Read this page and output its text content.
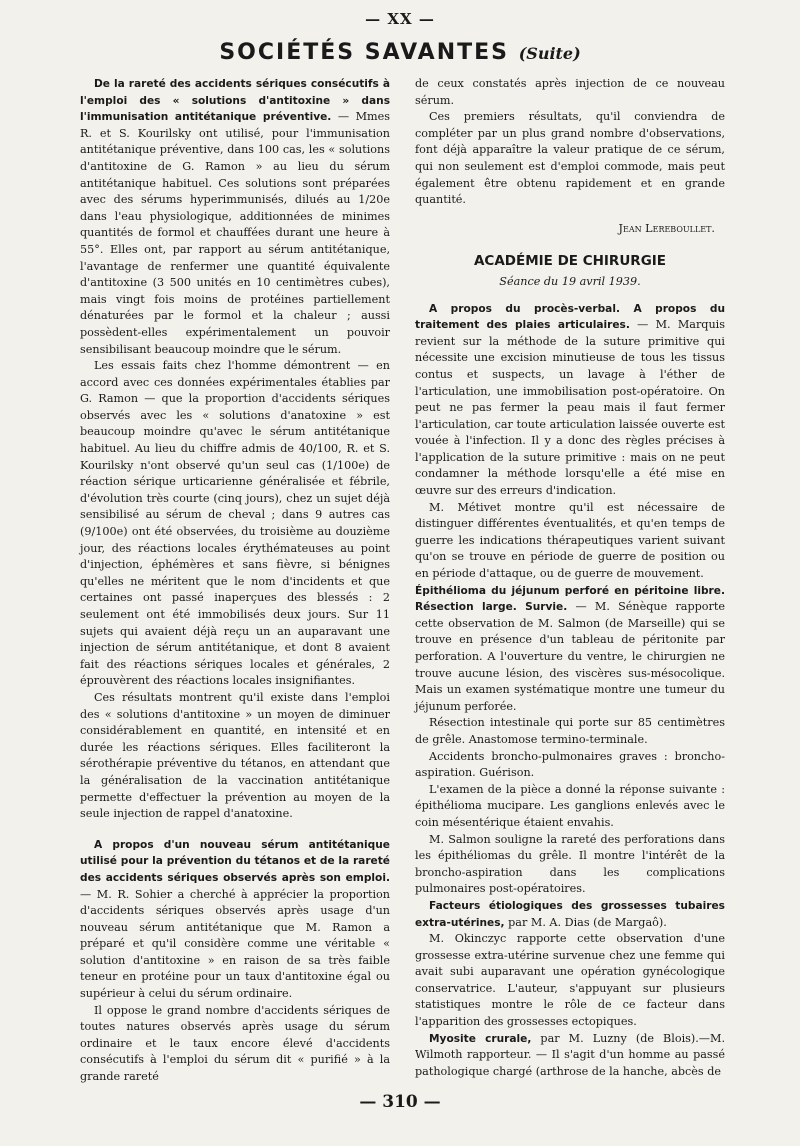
— XX —
SOCIÉTÉS SAVANTES (Suite)

De la rareté des accidents sériques consécutifs à l'emploi des « solutions d'antitoxine » dans l'immunisation antitétanique préventive. — Mmes R. et S. Kourilsky ont utilisé, pour l'immunisation antitétanique préventive, dans 100 cas, les « solutions d'antitoxine de G. Ramon » au lieu du sérum antitétanique habituel. Ces solutions sont préparées avec des sérums hyperimmunisés, dilués au 1/20e dans l'eau physiologique, additionnées de minimes quantités de formol et chauffées durant une heure à 55°. Elles ont, par rapport au sérum antitétanique, l'avantage de renfermer une quantité équivalente d'antitoxine (3 500 unités en 10 centimètres cubes), mais vingt fois moins de protéines partiellement dénaturées par le formol et la chaleur ; aussi possèdent-elles expérimentalement un pouvoir sensibilisant beaucoup moindre que le sérum.

Les essais faits chez l'homme démontrent — en accord avec ces données expérimentales établies par G. Ramon — que la proportion d'accidents sériques observés avec les « solutions d'anatoxine » est beaucoup moindre qu'avec le sérum antitétanique habituel. Au lieu du chiffre admis de 40/100, R. et S. Kourilsky n'ont observé qu'un seul cas (1/100e) de réaction sérique urticarienne généralisée et fébrile, d'évolution très courte (cinq jours), chez un sujet déjà sensibilisé au sérum de cheval ; dans 9 autres cas (9/100e) ont été observées, du troisième au douzième jour, des réactions locales érythémateuses au point d'injection, éphémères et sans fièvre, si bénignes qu'elles ne méritent que le nom d'incidents et que certaines ont passé inaperçues des blessés : 2 seulement ont été immobilisés deux jours. Sur 11 sujets qui avaient déjà reçu un an auparavant une injection de sérum antitétanique, et dont 8 avaient fait des réactions sériques locales et générales, 2 éprouvèrent des réactions locales insignifiantes.

Ces résultats montrent qu'il existe dans l'emploi des « solutions d'antitoxine » un moyen de diminuer considérablement en quantité, en intensité et en durée les réactions sériques. Elles faciliteront la sérothérapie préventive du tétanos, en attendant que la généralisation de la vaccination antitétanique permette d'effectuer la prévention au moyen de la seule injection de rappel d'anatoxine.

A propos d'un nouveau sérum antitétanique utilisé pour la prévention du tétanos et de la rareté des accidents sériques observés après son emploi. — M. R. Sohier a cherché à apprécier la proportion d'accidents sériques observés après usage d'un nouveau sérum antitétanique que M. Ramon a préparé et qu'il considère comme une véritable « solution d'antitoxine » en raison de sa très faible teneur en protéine pour un taux d'antitoxine égal ou supérieur à celui du sérum ordinaire.

Il oppose le grand nombre d'accidents sériques de toutes natures observés après usage du sérum ordinaire et le taux encore élevé d'accidents consécutifs à l'emploi du sérum dit « purifié » à la grande rareté

de ceux constatés après injection de ce nouveau sérum.

Ces premiers résultats, qu'il conviendra de compléter par un plus grand nombre d'observations, font déjà apparaître la valeur pratique de ce sérum, qui non seulement est d'emploi commode, mais peut également être obtenu rapidement et en grande quantité.

Jean Lereboullet.
ACADÉMIE DE CHIRURGIE
Séance du 19 avril 1939.

A propos du procès-verbal. A propos du traitement des plaies articulaires. — M. Marquis revient sur la méthode de la suture primitive qui nécessite une excision minutieuse de tous les tissus contus et suspects, un lavage à l'éther de l'articulation, une immobilisation post-opératoire. On peut ne pas fermer la peau mais il faut fermer l'articulation, car toute articulation laissée ouverte est vouée à l'infection. Il y a donc des règles précises à l'application de la suture primitive : mais on ne peut condamner la méthode lorsqu'elle a été mise en œuvre sur des erreurs d'indication.

M. Métivet montre qu'il est nécessaire de distinguer différentes éventualités, et qu'en temps de guerre les indications thérapeutiques varient suivant qu'on se trouve en période de guerre de position ou en période d'attaque, ou de guerre de mouvement.

Épithélioma du jéjunum perforé en péritoine libre. Résection large. Survie. — M. Sénèque rapporte cette observation de M. Salmon (de Marseille) qui se trouve en présence d'un tableau de péritonite par perforation. A l'ouverture du ventre, le chirurgien ne trouve aucune lésion, des viscères sus-mésocolique. Mais un examen systématique montre une tumeur du jéjunum perforée.

Résection intestinale qui porte sur 85 centimètres de grêle. Anastomose termino-terminale.

Accidents broncho-pulmonaires graves : broncho-aspiration. Guérison.

L'examen de la pièce a donné la réponse suivante : épithélioma mucipare. Les ganglions enlevés avec le coin mésentérique étaient envahis.

M. Salmon souligne la rareté des perforations dans les épithéliomas du grêle. Il montre l'intérêt de la broncho-aspiration dans les complications pulmonaires post-opératoires.

Facteurs étiologiques des grossesses tubaires extra-utérines, par M. A. Dias (de Margaô).

M. Okinczyc rapporte cette observation d'une grossesse extra-utérine survenue chez une femme qui avait subi auparavant une opération gynécologique conservatrice. L'auteur, s'appuyant sur plusieurs statistiques montre le rôle de ce facteur dans l'apparition des grossesses ectopiques.

Myosite crurale, par M. Luzny (de Blois).—M. Wilmoth rapporteur. — Il s'agit d'un homme au passé pathologique chargé (arthrose de la hanche, abcès de

— 310 —
